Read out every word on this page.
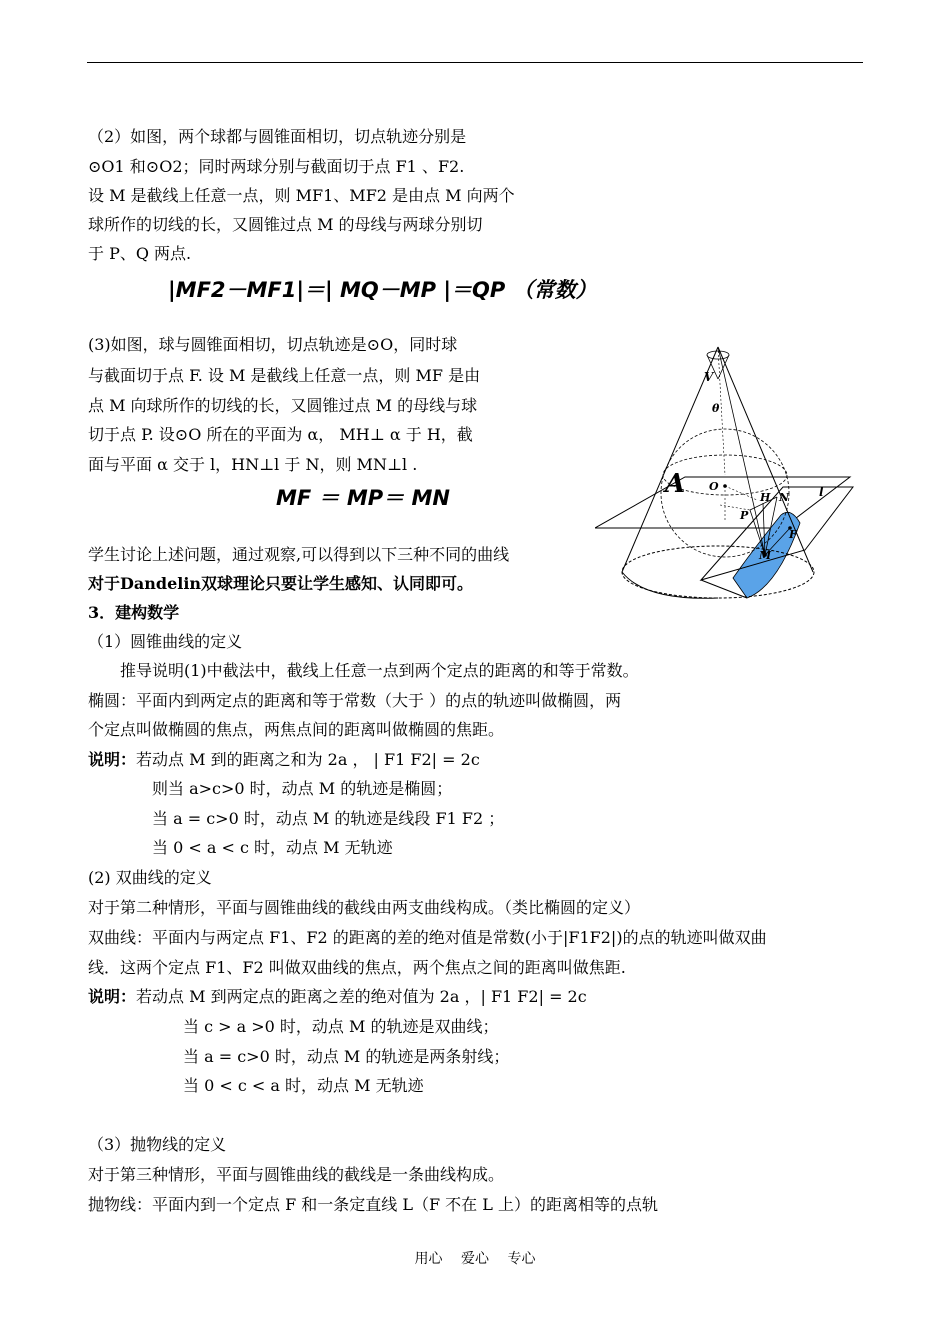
（2）如图，两个球都与圆锥面相切，切点轨迹分别是
⊙O1 和⊙O2；同时两球分别与截面切于点 F1 、F2.
设 M 是截线上任意一点，则 MF1、MF2 是由点 M 向两个
球所作的切线的长，又圆锥过点 M 的母线与两球分别切
于 P、Q 两点.
|MF2－MF1|＝| MQ－MP |＝QP （常数）
(3)如图，球与圆锥面相切，切点轨迹是⊙O，同时球
与截面切于点 F. 设 M 是截线上任意一点，则 MF 是由
点 M 向球所作的切线的长，又圆锥过点 M 的母线与球
切于点 P. 设⊙O 所在的平面为 α， MH⊥ α 于 H，截
面与平面 α 交于 l，HN⊥l 于 N，则 MN⊥l .
MF ＝ MP＝ MN
学生讨论上述问题，通过观察,可以得到以下三种不同的曲线
对于Dandelin双球理论只要让学生感知、认同即可。
3．建构数学
（1）圆锥曲线的定义
推导说明(1)中截法中，截线上任意一点到两个定点的距离的和等于常数。
椭圆：平面内到两定点的距离和等于常数（大于 ）的点的轨迹叫做椭圆，两
个定点叫做椭圆的焦点，两焦点间的距离叫做椭圆的焦距。
说明：若动点 M 到的距离之和为 2a ， | F1 F2| = 2c
则当 a>c>0 时，动点 M 的轨迹是椭圆；
当 a = c>0 时，动点 M 的轨迹是线段 F1 F2 ；
当 0 < a < c 时，动点 M 无轨迹
(2) 双曲线的定义
对于第二种情形，平面与圆锥曲线的截线由两支曲线构成。（类比椭圆的定义）
双曲线：平面内与两定点 F1、F2 的距离的差的绝对值是常数(小于|F1F2|)的点的轨迹叫做双曲
线．这两个定点 F1、F2 叫做双曲线的焦点，两个焦点之间的距离叫做焦距.
说明：若动点 M 到两定点的距离之差的绝对值为 2a ，| F1 F2| = 2c
当 c > a >0 时，动点 M 的轨迹是双曲线；
当 a = c>0 时，动点 M 的轨迹是两条射线；
当 0 < c < a 时，动点 M 无轨迹
（3）抛物线的定义
对于第三种情形，平面与圆锥曲线的截线是一条曲线构成。
抛物线：平面内到一个定点 F 和一条定直线 L（F 不在 L 上）的距离相等的点轨
V
θ
A O
H N l
P
F
M
用心 爱心 专心
